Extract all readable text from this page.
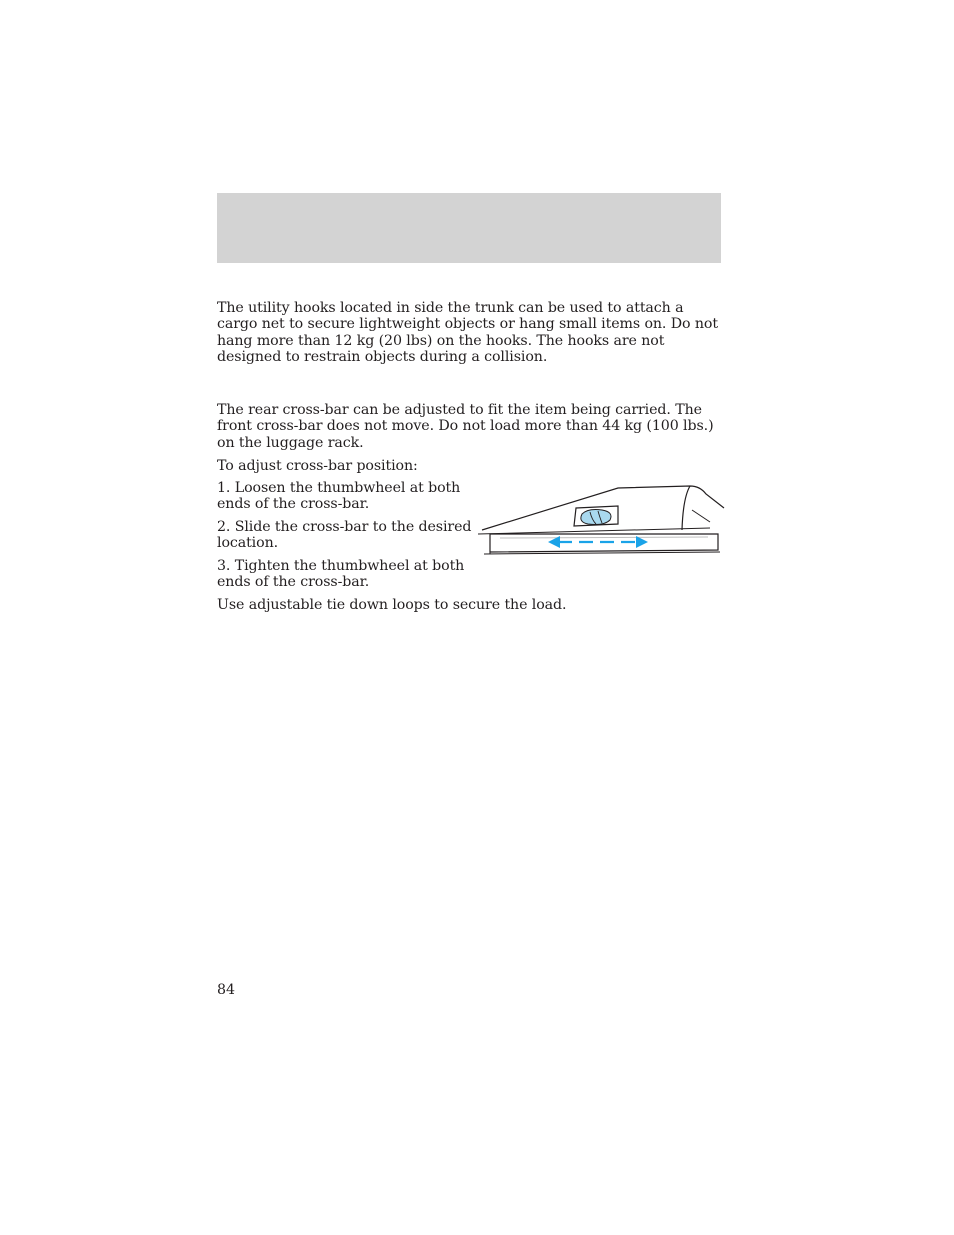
The utility hooks located in side the trunk can be used to attach a cargo net to secure lightweight objects or hang small items on. Do not hang more than 12 kg (20 lbs) on the hooks. The hooks are not designed to restrain objects during a collision.

The rear cross-bar can be adjusted to fit the item being carried. The front cross-bar does not move. Do not load more than 44 kg (100 lbs.) on the luggage rack.

To adjust cross-bar position:

1. Loosen the thumbwheel at both ends of the cross-bar.
2. Slide the cross-bar to the desired location.
3. Tighten the thumbwheel at both ends of the cross-bar.

Use adjustable tie down loops to secure the load.

84
